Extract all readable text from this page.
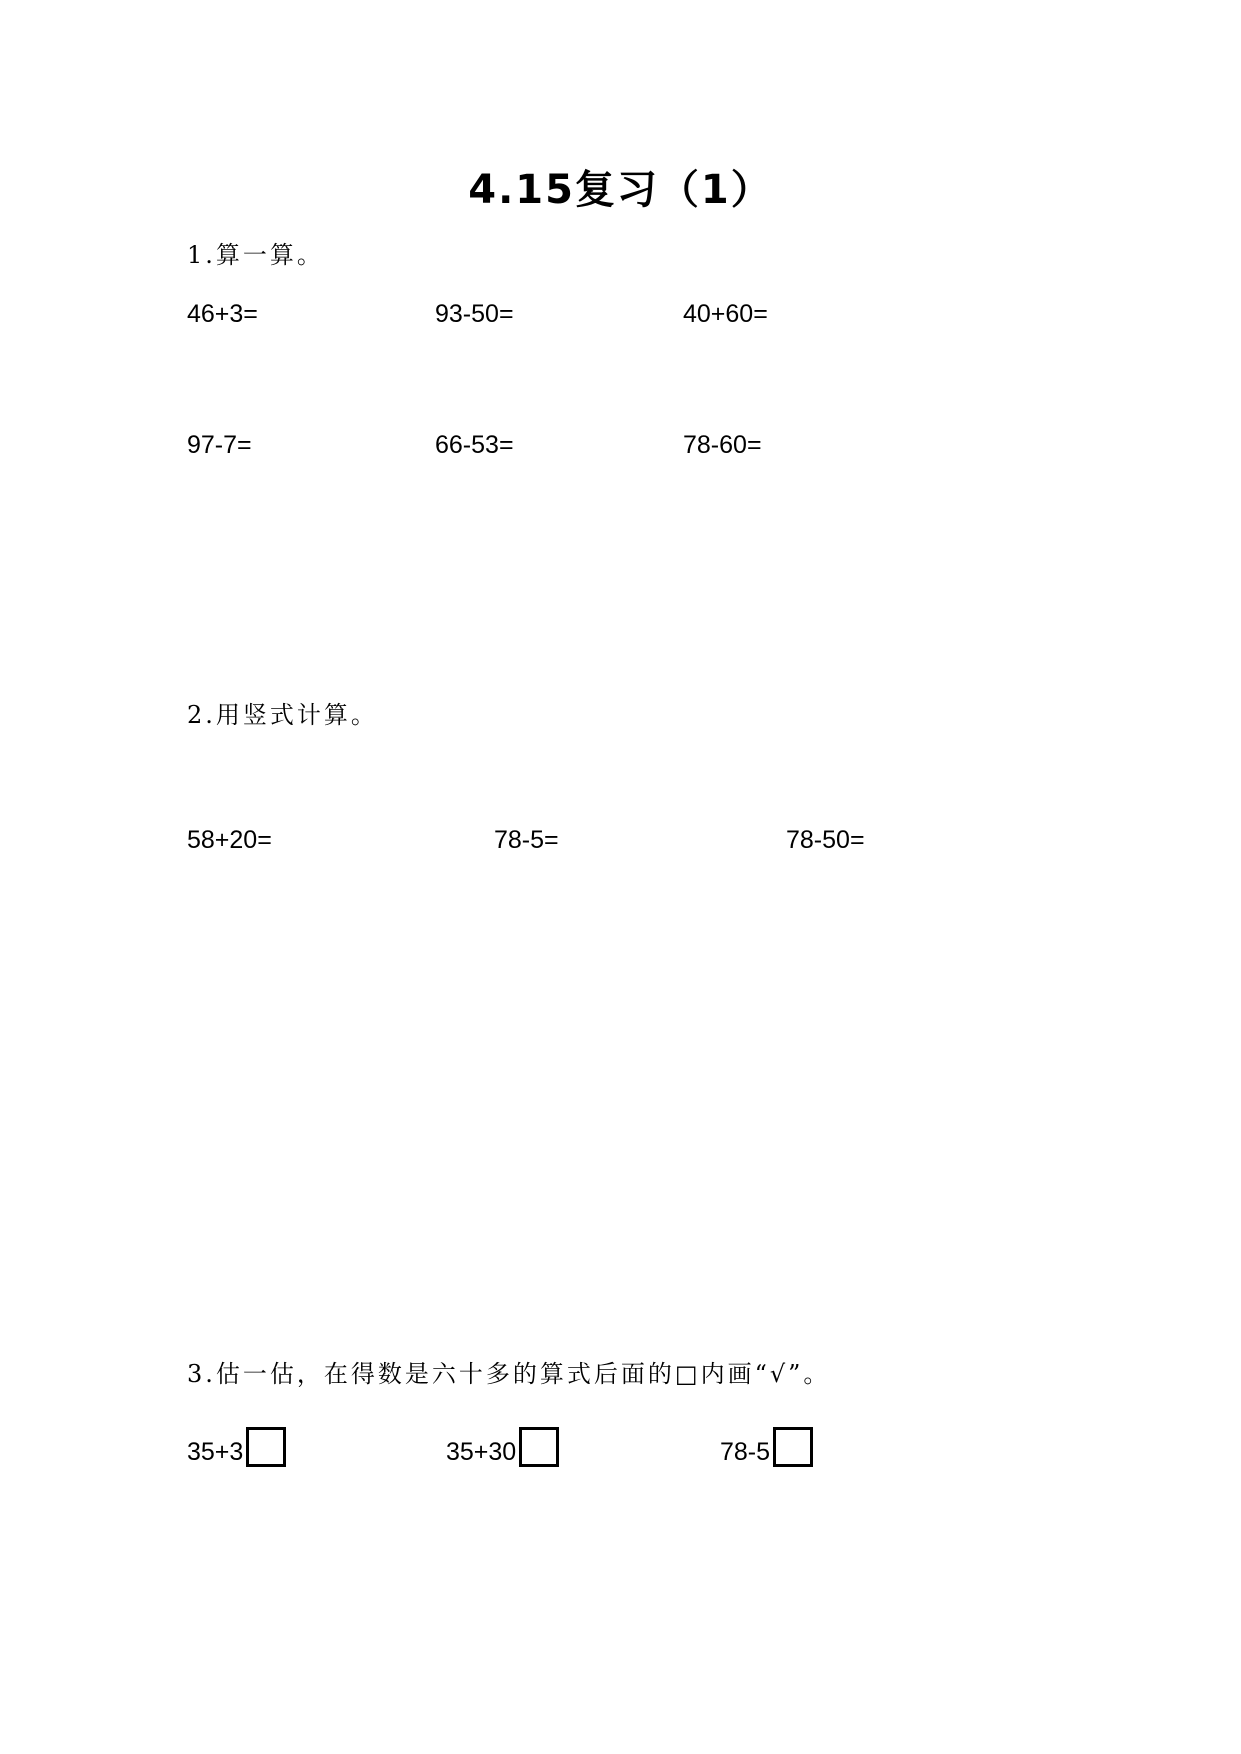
4.15复习（1）
1.算一算。
46+3=	93-50=	40+60=
97-7=	66-53=	78-60=
2.用竖式计算。
58+20=	78-5=	78-50=
3.估一估，在得数是六十多的算式后面的□内画“√”。
35+3	35+30	78-5
